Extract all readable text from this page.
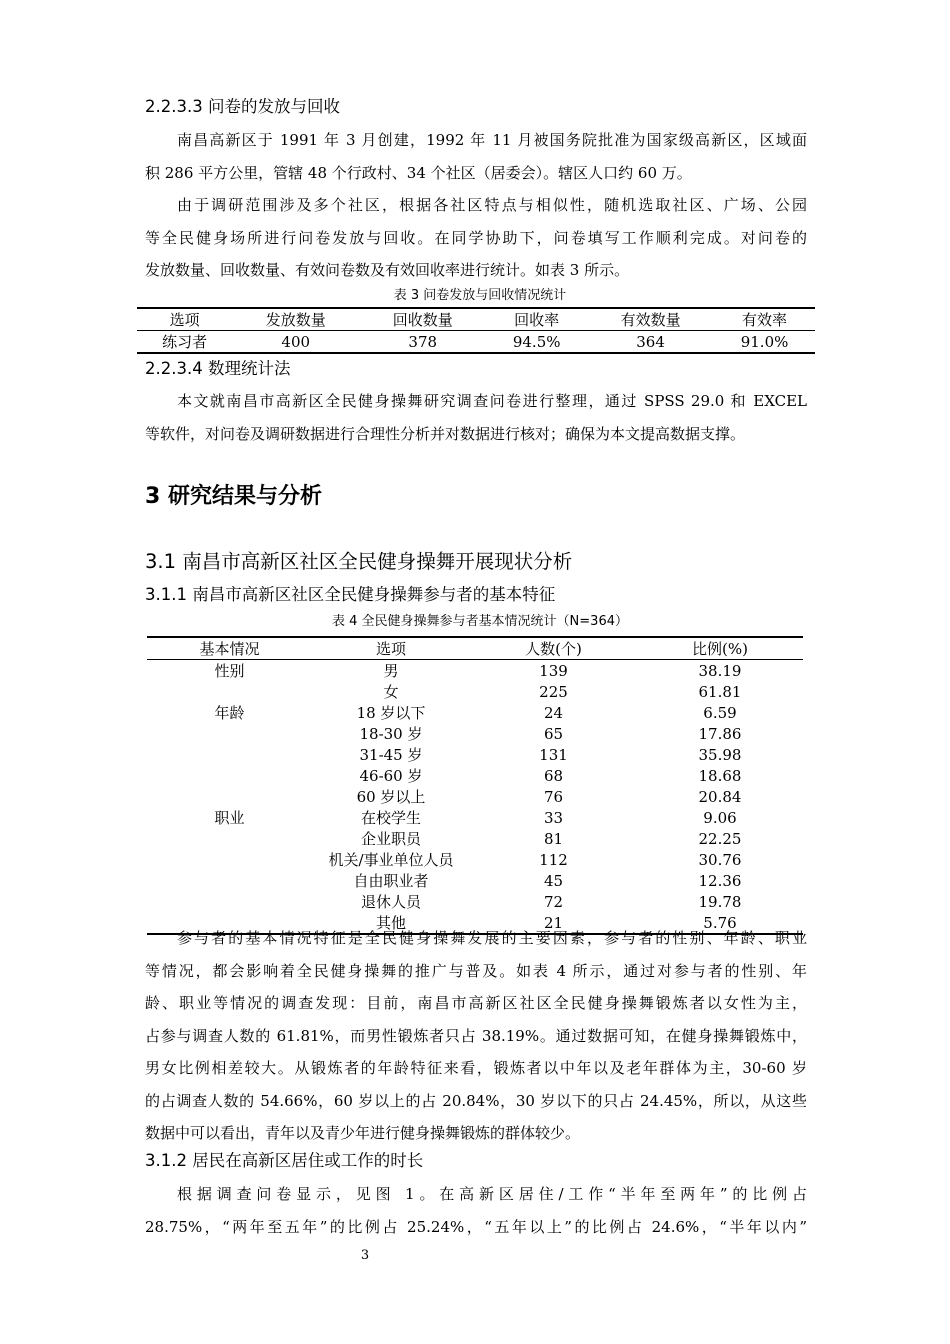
2.2.3.3 问卷的发放与回收
南昌高新区于 1991 年 3 月创建，1992 年 11 月被国务院批准为国家级高新区，区域面
积 286 平方公里，管辖 48 个行政村、34 个社区（居委会）。辖区人口约 60 万。
由于调研范围涉及多个社区，根据各社区特点与相似性，随机选取社区、广场、公园
等全民健身场所进行问卷发放与回收。在同学协助下，问卷填写工作顺利完成。对问卷的
发放数量、回收数量、有效问卷数及有效回收率进行统计。如表 3 所示。
表 3 问卷发放与回收情况统计
选项	发放数量	回收数量	回收率	有效数量	有效率
练习者	400	378	94.5%	364	91.0%
2.2.3.4 数理统计法
本文就南昌市高新区全民健身操舞研究调查问卷进行整理，通过 SPSS 29.0 和 EXCEL
等软件，对问卷及调研数据进行合理性分析并对数据进行核对；确保为本文提高数据支撑。
3 研究结果与分析
3.1 南昌市高新区社区全民健身操舞开展现状分析
3.1.1 南昌市高新区社区全民健身操舞参与者的基本特征
表 4 全民健身操舞参与者基本情况统计（N=364）
基本情况	选项	人数(个)	比例(%)
性别	男	139	38.19
	女	225	61.81
年龄	18 岁以下	24	6.59
	18-30 岁	65	17.86
	31-45 岁	131	35.98
	46-60 岁	68	18.68
	60 岁以上	76	20.84
职业	在校学生	33	9.06
	企业职员	81	22.25
	机关/事业单位人员	112	30.76
	自由职业者	45	12.36
	退休人员	72	19.78
	其他	21	5.76
参与者的基本情况特征是全民健身操舞发展的主要因素，参与者的性别、年龄、职业
等情况，都会影响着全民健身操舞的推广与普及。如表 4 所示，通过对参与者的性别、年
龄、职业等情况的调查发现：目前，南昌市高新区社区全民健身操舞锻炼者以女性为主，
占参与调查人数的 61.81%，而男性锻炼者只占 38.19%。通过数据可知，在健身操舞锻炼中，
男女比例相差较大。从锻炼者的年龄特征来看，锻炼者以中年以及老年群体为主，30-60 岁
的占调查人数的 54.66%，60 岁以上的占 20.84%，30 岁以下的只占 24.45%，所以，从这些
数据中可以看出，青年以及青少年进行健身操舞锻炼的群体较少。
3.1.2 居民在高新区居住或工作的时长
根据调查问卷显示，见图 1。在高新区居住/工作“半年至两年”的比例占
28.75%，“两年至五年”的比例占 25.24%，“五年以上”的比例占 24.6%，“半年以内”
3
